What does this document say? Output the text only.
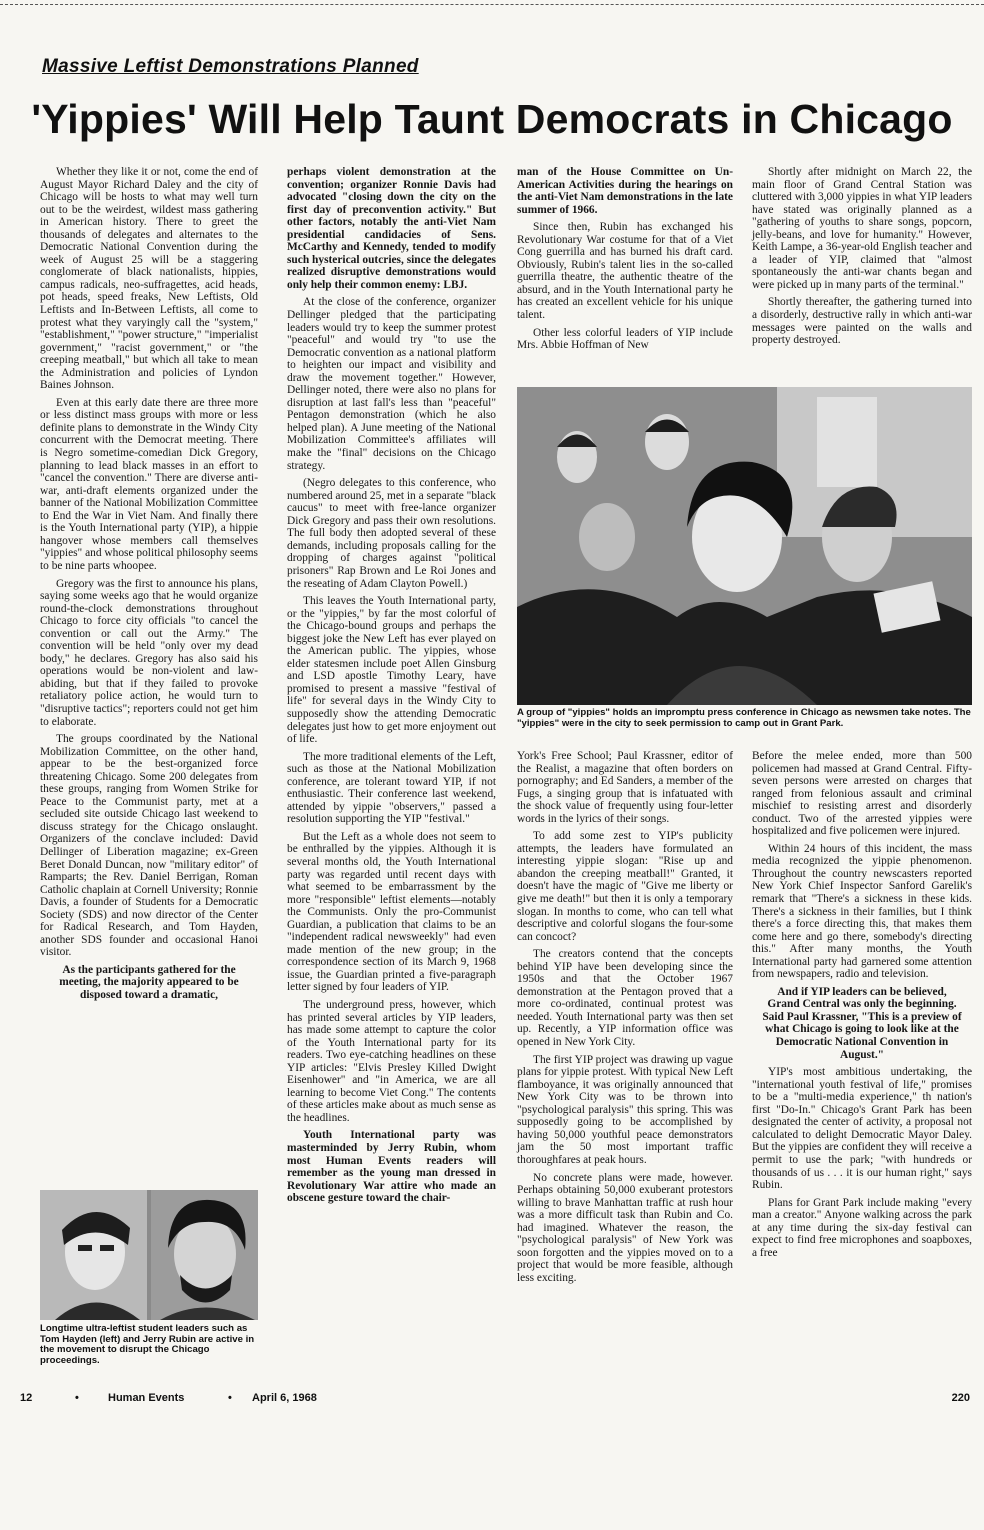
Massive Leftist Demonstrations Planned
'Yippies' Will Help Taunt Democrats in Chicago

Whether they like it or not, come the end of August Mayor Richard Daley and the city of Chicago will be hosts to what may well turn out to be the weirdest, wildest mass gathering in American history. There to greet the thousands of delegates and alternates to the Democratic National Convention during the week of August 25 will be a staggering conglomerate of black nationalists, hippies, campus radicals, neo-suffragettes, acid heads, pot heads, speed freaks, New Leftists, Old Leftists and In-Between Leftists, all come to protest what they varyingly call the "system," "establishment," "power structure," "imperialist government," "racist government," or "the creeping meatball," but which all take to mean the Administration and policies of Lyndon Baines Johnson.

Even at this early date there are three more or less distinct mass groups with more or less definite plans to demonstrate in the Windy City concurrent with the Democrat meeting. There is Negro sometime-comedian Dick Gregory, planning to lead black masses in an effort to "cancel the convention." There are diverse anti-war, anti-draft elements organized under the banner of the National Mobilization Committee to End the War in Viet Nam. And finally there is the Youth International party (YIP), a hippie hangover whose members call themselves "yippies" and whose political philosophy seems to be nine parts whoopee.

Gregory was the first to announce his plans, saying some weeks ago that he would organize round-the-clock demonstrations throughout Chicago to force city officials "to cancel the convention or call out the Army." The convention will be held "only over my dead body," he declares. Gregory has also said his operations would be non-violent and law-abiding, but that if they failed to provoke retaliatory police action, he would turn to "disruptive tactics"; reporters could not get him to elaborate.

The groups coordinated by the National Mobilization Committee, on the other hand, appear to be the best-organized force threatening Chicago. Some 200 delegates from these groups, ranging from Women Strike for Peace to the Communist party, met at a secluded site outside Chicago last weekend to discuss strategy for the Chicago onslaught. Organizers of the conclave included: David Dellinger of Liberation magazine; ex-Green Beret Donald Duncan, now "military editor" of Ramparts; the Rev. Daniel Berrigan, Roman Catholic chaplain at Cornell University; Ronnie Davis, a founder of Students for a Democratic Society (SDS) and now director of the Center for Radical Research, and Tom Hayden, another SDS founder and occasional Hanoi visitor.

As the participants gathered for the meeting, the majority appeared to be disposed toward a dramatic,

Longtime ultra-leftist student leaders such as Tom Hayden (left) and Jerry Rubin are active in the movement to disrupt the Chicago proceedings.

perhaps violent demonstration at the convention; organizer Ronnie Davis had advocated "closing down the city on the first day of preconvention activity." But other factors, notably the anti-Viet Nam presidential candidacies of Sens. McCarthy and Kennedy, tended to modify such hysterical outcries, since the delegates realized disruptive demonstrations would only help their common enemy: LBJ.

At the close of the conference, organizer Dellinger pledged that the participating leaders would try to keep the summer protest "peaceful" and would try "to use the Democratic convention as a national platform to heighten our impact and visibility and draw the movement together." However, Dellinger noted, there were also no plans for disruption at last fall's less than "peaceful" Pentagon demonstration (which he also helped plan). A June meeting of the National Mobilization Committee's affiliates will make the "final" decisions on the Chicago strategy.

(Negro delegates to this conference, who numbered around 25, met in a separate "black caucus" to meet with free-lance organizer Dick Gregory and pass their own resolutions. The full body then adopted several of these demands, including proposals calling for the dropping of charges against "political prisoners" Rap Brown and Le Roi Jones and the reseating of Adam Clayton Powell.)

This leaves the Youth International party, or the "yippies," by far the most colorful of the Chicago-bound groups and perhaps the biggest joke the New Left has ever played on the American public. The yippies, whose elder statesmen include poet Allen Ginsburg and LSD apostle Timothy Leary, have promised to present a massive "festival of life" for several days in the Windy City to supposedly show the attending Democratic delegates just how to get more enjoyment out of life.

The more traditional elements of the Left, such as those at the National Mobilization conference, are tolerant toward YIP, if not enthusiastic. Their conference last weekend, attended by yippie "observers," passed a resolution supporting the YIP "festival."

But the Left as a whole does not seem to be enthralled by the yippies. Although it is several months old, the Youth International party was regarded until recent days with what seemed to be embarrassment by the more "responsible" leftist elements—notably the Communists. Only the pro-Communist Guardian, a publication that claims to be an "independent radical newsweekly" had even made mention of the new group; in the correspondence section of its March 9, 1968 issue, the Guardian printed a five-paragraph letter signed by four leaders of YIP.

The underground press, however, which has printed several articles by YIP leaders, has made some attempt to capture the color of the Youth International party for its readers. Two eye-catching headlines on these YIP articles: "Elvis Presley Killed Dwight Eisenhower" and "in America, we are all learning to become Viet Cong." The contents of these articles make about as much sense as the headlines.

Youth International party was masterminded by Jerry Rubin, whom most Human Events readers will remember as the young man dressed in Revolutionary War attire who made an obscene gesture toward the chair-

man of the House Committee on Un-American Activities during the hearings on the anti-Viet Nam demonstrations in the late summer of 1966.

Since then, Rubin has exchanged his Revolutionary War costume for that of a Viet Cong guerrilla and has burned his draft card. Obviously, Rubin's talent lies in the so-called guerrilla theatre, the authentic theatre of the absurd, and in the Youth International party he has created an excellent vehicle for his unique talent.

Other less colorful leaders of YIP include Mrs. Abbie Hoffman of New

Shortly after midnight on March 22, the main floor of Grand Central Station was cluttered with 3,000 yippies in what YIP leaders have stated was originally planned as a "gathering of youths to share songs, popcorn, jelly-beans, and love for humanity." However, Keith Lampe, a 36-year-old English teacher and a leader of YIP, claimed that "almost spontaneously the anti-war chants began and were picked up in many parts of the terminal."

Shortly thereafter, the gathering turned into a disorderly, destructive rally in which anti-war messages were painted on the walls and property destroyed.

A group of "yippies" holds an impromptu press conference in Chicago as newsmen take notes. The "yippies" were in the city to seek permission to camp out in Grant Park.

York's Free School; Paul Krassner, editor of the Realist, a magazine that often borders on pornography; and Ed Sanders, a member of the Fugs, a singing group that is infatuated with the shock value of frequently using four-letter words in the lyrics of their songs.

To add some zest to YIP's publicity attempts, the leaders have formulated an interesting yippie slogan: "Rise up and abandon the creeping meatball!" Granted, it doesn't have the magic of "Give me liberty or give me death!" but then it is only a temporary slogan. In months to come, who can tell what descriptive and colorful slogans the four-some can concoct?

The creators contend that the concepts behind YIP have been developing since the 1950s and that the October 1967 demonstration at the Pentagon proved that a more co-ordinated, continual protest was needed. Youth International party was then set up. Recently, a YIP information office was opened in New York City.

The first YIP project was drawing up vague plans for yippie protest. With typical New Left flamboyance, it was originally announced that New York City was to be thrown into "psychological paralysis" this spring. This was supposedly going to be accomplished by having 50,000 youthful peace demonstrators jam the 50 most important traffic thoroughfares at peak hours.

No concrete plans were made, however. Perhaps obtaining 50,000 exuberant protestors willing to brave Manhattan traffic at rush hour was a more difficult task than Rubin and Co. had imagined. Whatever the reason, the "psychological paralysis" of New York was soon forgotten and the yippies moved on to a project that would be more feasible, although less exciting.

Before the melee ended, more than 500 policemen had massed at Grand Central. Fifty-seven persons were arrested on charges that ranged from felonious assault and criminal mischief to resisting arrest and disorderly conduct. Two of the arrested yippies were hospitalized and five policemen were injured.

Within 24 hours of this incident, the mass media recognized the yippie phenomenon. Throughout the country newscasters reported New York Chief Inspector Sanford Garelik's remark that "There's a sickness in these kids. There's a sickness in their families, but I think there's a force directing this, that makes them come here and go there, somebody's directing this." After many months, the Youth International party had garnered some attention from newspapers, radio and television.

And if YIP leaders can be believed, Grand Central was only the beginning. Said Paul Krassner, "This is a preview of what Chicago is going to look like at the Democratic National Convention in August."

YIP's most ambitious undertaking, the "international youth festival of life," promises to be a "multi-media experience," th nation's first "Do-In." Chicago's Grant Park has been designated the center of activity, a proposal not calculated to delight Democratic Mayor Daley. But the yippies are confident they will receive a permit to use the park; "with hundreds or thousands of us . . . it is our human right," says Rubin.

Plans for Grant Park include making "every man a creator." Anyone walking across the park at any time during the six-day festival can expect to find free microphones and soapboxes, a free

12	•	Human Events	• April 6, 1968	220
